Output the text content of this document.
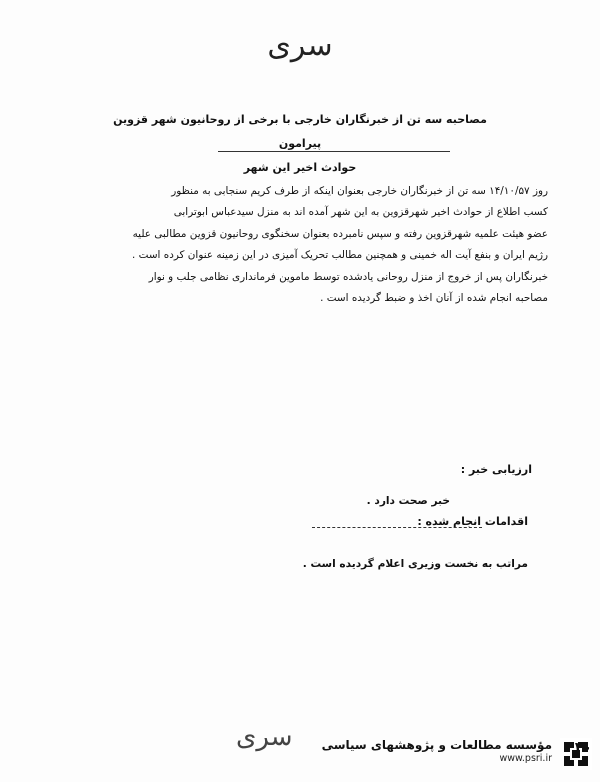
سری
مصاحبه سه تن از خبرنگاران خارجی با برخی از روحانیون شهر قزوین پیرامون
حوادث اخیر این شهر

روز ۱۴/۱۰/۵۷ سه تن از خبرنگاران خارجی بعنوان اینکه از طرف کریم سنجابی به منظور

کسب اطلاع از حوادث اخیر شهرقزوین به این شهر آمده اند به منزل سیدعباس ابوترابی

عضو هیئت علمیه شهرقزوین رفته و سپس نامبرده بعنوان سخنگوی روحانیون قزوین مطالبی علیه

رژیم ایران و بنفع آیت اله خمینی و همچنین مطالب تحریک آمیزی در این زمینه عنوان کرده است .

خبرنگاران پس از خروج از منزل روحانی یادشده توسط ماموین فرمانداری نظامی جلب و نوار

مصاحبه انجام شده از آنان اخذ و ضبط گردیده است .

ارزیابی خبر :
خبر صحت دارد .
اقدامات انجام شده :
مراتب به نخست وزیری اعلام گردیده است .
سری مؤسسه مطالعات و پژوهشهای سیاسی
www.psri.ir
۲۰
